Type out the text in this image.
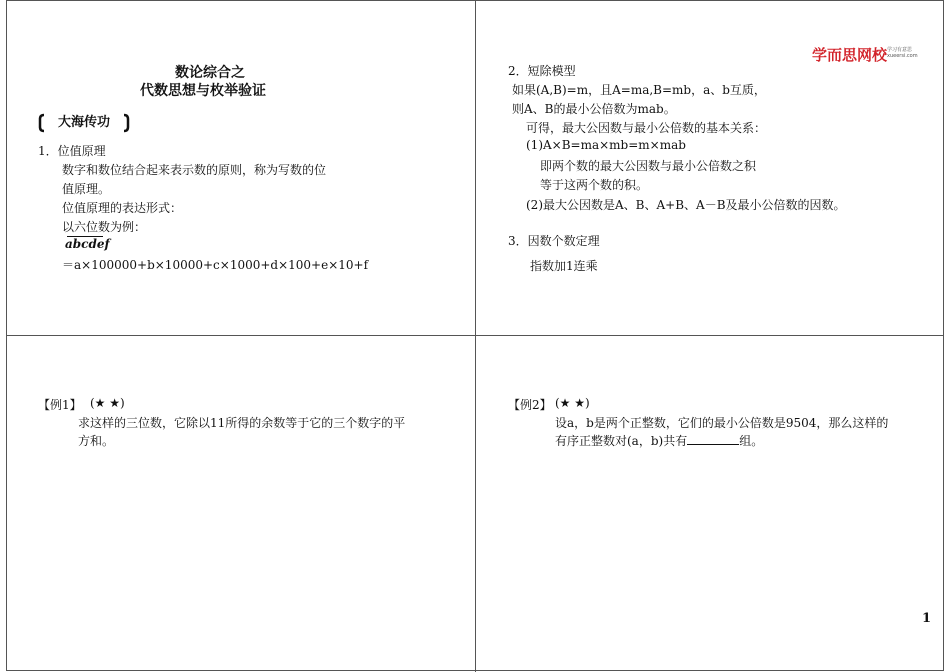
数论综合之
代数思想与枚举验证
大海传功
1．位值原理
数字和数位结合起来表示数的原则，称为写数的位
值原理。
位值原理的表达形式：
以六位数为例：
abcdef
＝a×100000+b×10000+c×1000+d×100+e×10+f
学而思网校 学习有意思
xueersi.com
2．短除模型
如果(A,B)=m，且A=ma,B=mb，a、b互质，
则A、B的最小公倍数为mab。
可得，最大公因数与最小公倍数的基本关系：
(1)A×B=ma×mb=m×mab
即两个数的最大公因数与最小公倍数之积
等于这两个数的积。
(2)最大公因数是A、B、A+B、A－B及最小公倍数的因数。
3．因数个数定理
指数加1连乘
【例1】 (★ ★)
求这样的三位数，它除以11所得的余数等于它的三个数字的平
方和。
【例2】 (★ ★)
设a，b是两个正整数，它们的最小公倍数是9504，那么这样的
有序正整数对(a，b)共有	组。
1
